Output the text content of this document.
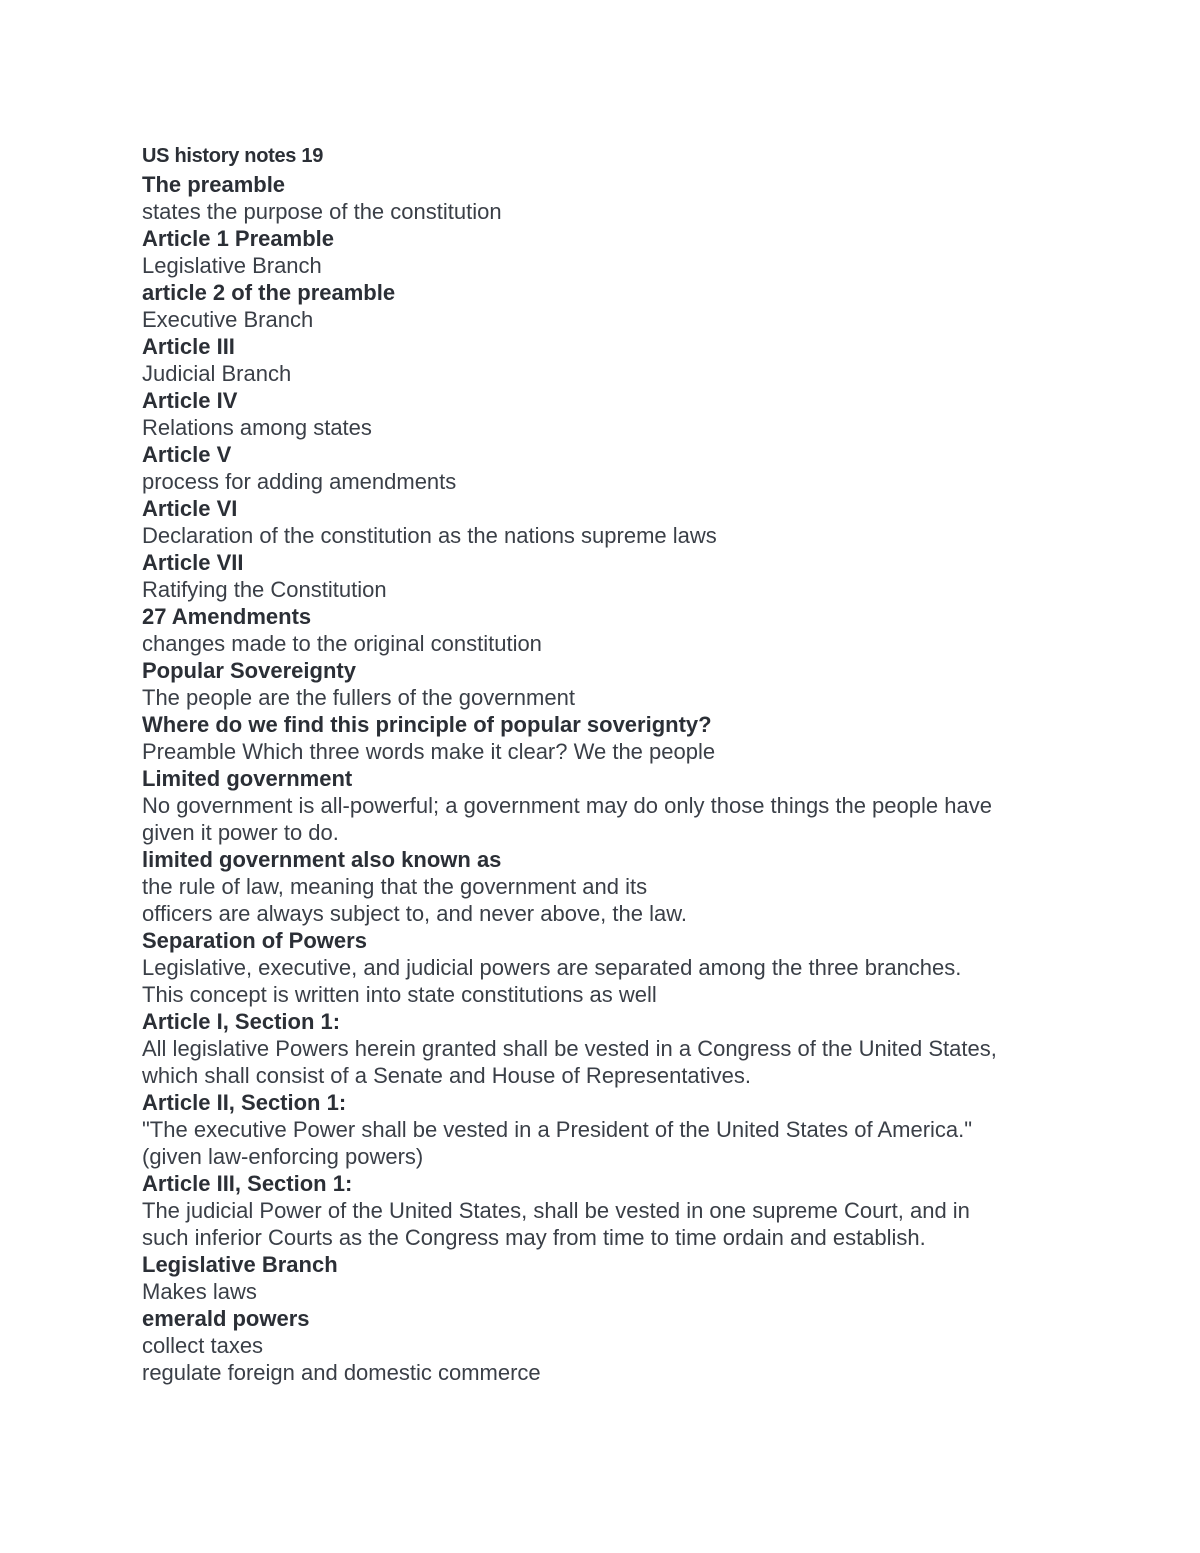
US history notes 19
The preamble
states the purpose of the constitution
Article 1 Preamble
Legislative Branch
article 2 of the preamble
Executive Branch
Article III
Judicial Branch
Article IV
Relations among states
Article V
process for adding amendments
Article VI
Declaration of the constitution as the nations supreme laws
Article VII
Ratifying the Constitution
27 Amendments
changes made to the original constitution
Popular Sovereignty
The people are the fullers of the government
Where do we find this principle of popular soverignty?
Preamble Which three words make it clear? We the people
Limited government
No government is all-powerful; a government may do only those things the people have
given it power to do.
limited government also known as
the rule of law, meaning that the government and its
officers are always subject to, and never above, the law.
Separation of Powers
Legislative, executive, and judicial powers are separated among the three branches.
This concept is written into state constitutions as well
Article I, Section 1:
All legislative Powers herein granted shall be vested in a Congress of the United States,
which shall consist of a Senate and House of Representatives.
Article II, Section 1:
"The executive Power shall be vested in a President of the United States of America."
(given law-enforcing powers)
Article III, Section 1:
The judicial Power of the United States, shall be vested in one supreme Court, and in
such inferior Courts as the Congress may from time to time ordain and establish.
Legislative Branch
Makes laws
emerald powers
collect taxes
regulate foreign and domestic commerce
